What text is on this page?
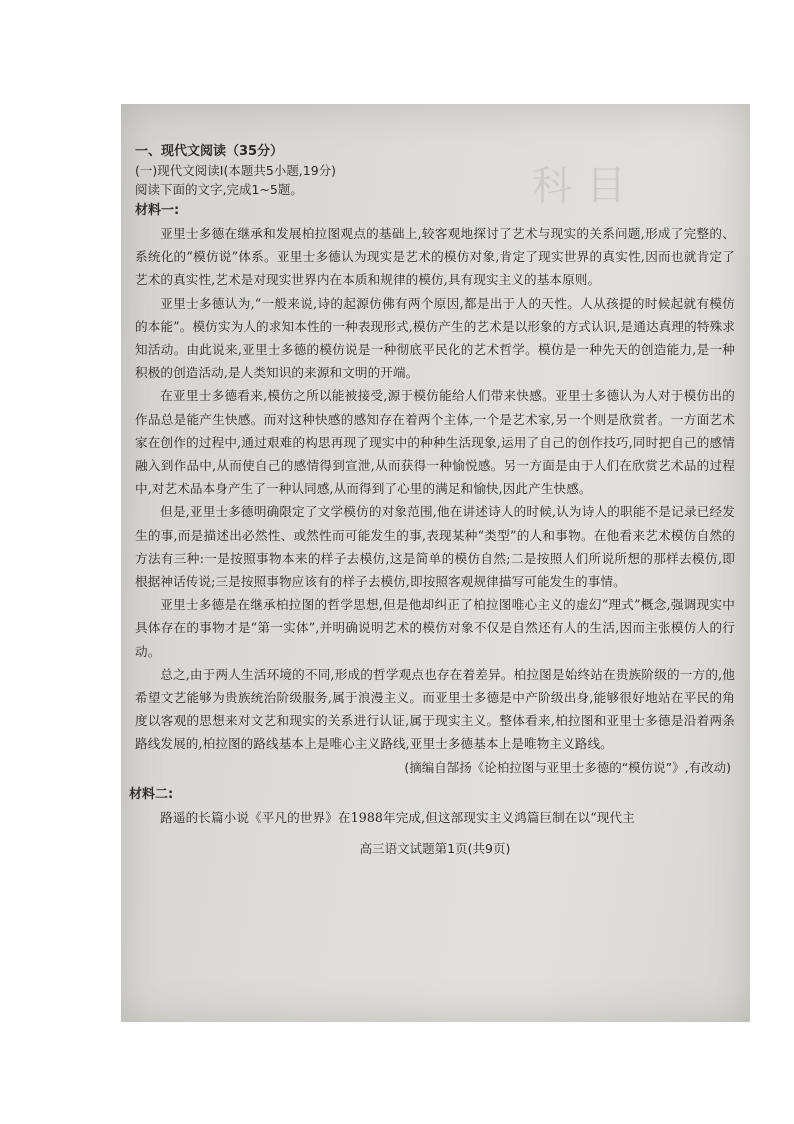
科目

一、现代文阅读（35分）

(一)现代文阅读Ⅰ(本题共5小题,19分)

阅读下面的文字,完成1~5题。

材料一:

亚里士多德在继承和发展柏拉图观点的基础上,较客观地探讨了艺术与现实的关系问题,形成了完整的、系统化的“模仿说”体系。亚里士多德认为现实是艺术的模仿对象,肯定了现实世界的真实性,因而也就肯定了艺术的真实性,艺术是对现实世界内在本质和规律的模仿,具有现实主义的基本原则。

亚里士多德认为,“一般来说,诗的起源仿佛有两个原因,都是出于人的天性。人从孩提的时候起就有模仿的本能”。模仿实为人的求知本性的一种表现形式,模仿产生的艺术是以形象的方式认识,是通达真理的特殊求知活动。由此说来,亚里士多德的模仿说是一种彻底平民化的艺术哲学。模仿是一种先天的创造能力,是一种积极的创造活动,是人类知识的来源和文明的开端。

在亚里士多德看来,模仿之所以能被接受,源于模仿能给人们带来快感。亚里士多德认为人对于模仿出的作品总是能产生快感。而对这种快感的感知存在着两个主体,一个是艺术家,另一个则是欣赏者。一方面艺术家在创作的过程中,通过艰难的构思再现了现实中的种种生活现象,运用了自己的创作技巧,同时把自己的感情融入到作品中,从而使自己的感情得到宣泄,从而获得一种愉悦感。另一方面是由于人们在欣赏艺术品的过程中,对艺术品本身产生了一种认同感,从而得到了心里的满足和愉快,因此产生快感。

但是,亚里士多德明确限定了文学模仿的对象范围,他在讲述诗人的时候,认为诗人的职能不是记录已经发生的事,而是描述出必然性、或然性而可能发生的事,表现某种“类型”的人和事物。在他看来艺术模仿自然的方法有三种:一是按照事物本来的样子去模仿,这是简单的模仿自然;二是按照人们所说所想的那样去模仿,即根据神话传说;三是按照事物应该有的样子去模仿,即按照客观规律描写可能发生的事情。

亚里士多德是在继承柏拉图的哲学思想,但是他却纠正了柏拉图唯心主义的虚幻“理式”概念,强调现实中具体存在的事物才是“第一实体”,并明确说明艺术的模仿对象不仅是自然还有人的生活,因而主张模仿人的行动。

总之,由于两人生活环境的不同,形成的哲学观点也存在着差异。柏拉图是始终站在贵族阶级的一方的,他希望文艺能够为贵族统治阶级服务,属于浪漫主义。而亚里士多德是中产阶级出身,能够很好地站在平民的角度以客观的思想来对文艺和现实的关系进行认证,属于现实主义。整体看来,柏拉图和亚里士多德是沿着两条路线发展的,柏拉图的路线基本上是唯心主义路线,亚里士多德基本上是唯物主义路线。

(摘编自郜扬《论柏拉图与亚里士多德的“模仿说”》,有改动)

材料二:

路遥的长篇小说《平凡的世界》在1988年完成,但这部现实主义鸿篇巨制在以“现代主

高三语文试题第1页(共9页)
